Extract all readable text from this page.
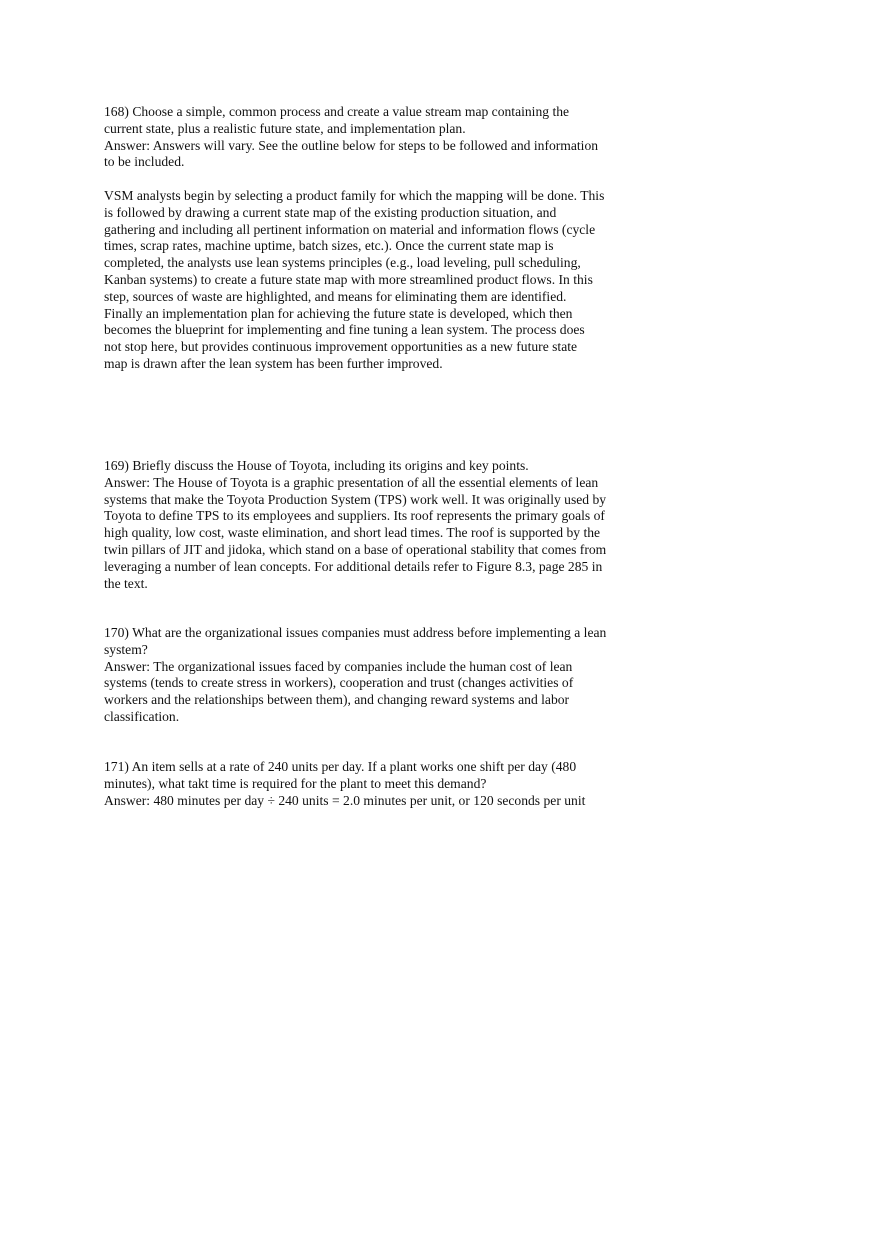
168) Choose a simple, common process and create a value stream map containing the
current state, plus a realistic future state, and implementation plan.

Answer: Answers will vary. See the outline below for steps to be followed and information
to be included.

VSM analysts begin by selecting a product family for which the mapping will be done. This
is followed by drawing a current state map of the existing production situation, and
gathering and including all pertinent information on material and information flows (cycle
times, scrap rates, machine uptime, batch sizes, etc.). Once the current state map is
completed, the analysts use lean systems principles (e.g., load leveling, pull scheduling,
Kanban systems) to create a future state map with more streamlined product flows. In this
step, sources of waste are highlighted, and means for eliminating them are identified.
Finally an implementation plan for achieving the future state is developed, which then
becomes the blueprint for implementing and fine tuning a lean system. The process does
not stop here, but provides continuous improvement opportunities as a new future state
map is drawn after the lean system has been further improved.

169) Briefly discuss the House of Toyota, including its origins and key points.

Answer: The House of Toyota is a graphic presentation of all the essential elements of lean
systems that make the Toyota Production System (TPS) work well. It was originally used by
Toyota to define TPS to its employees and suppliers. Its roof represents the primary goals of
high quality, low cost, waste elimination, and short lead times. The roof is supported by the
twin pillars of JIT and jidoka, which stand on a base of operational stability that comes from
leveraging a number of lean concepts. For additional details refer to Figure 8.3, page 285 in
the text.

170) What are the organizational issues companies must address before implementing a lean
system?

Answer: The organizational issues faced by companies include the human cost of lean
systems (tends to create stress in workers), cooperation and trust (changes activities of
workers and the relationships between them), and changing reward systems and labor
classification.

171) An item sells at a rate of 240 units per day. If a plant works one shift per day (480
minutes), what takt time is required for the plant to meet this demand?

Answer: 480 minutes per day ÷ 240 units = 2.0 minutes per unit, or 120 seconds per unit
